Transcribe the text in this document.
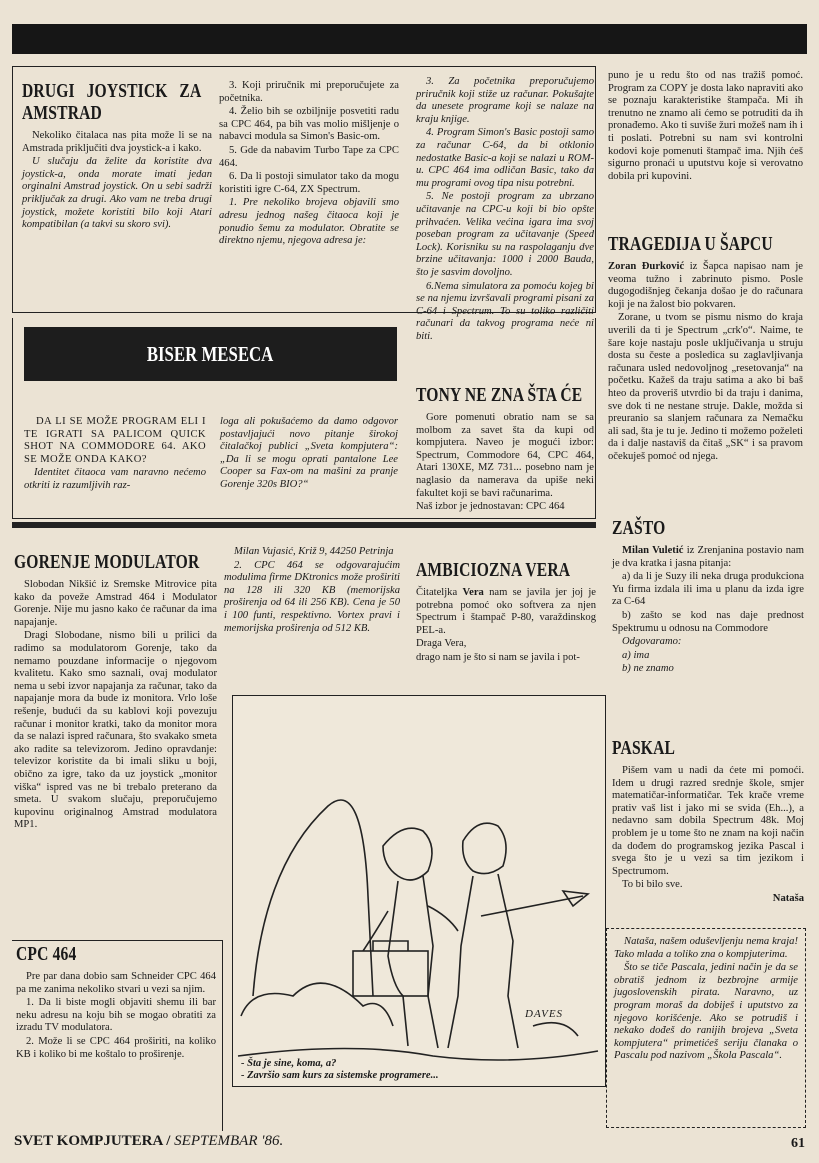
DRUGI JOYSTICK ZA AMSTRAD

Nekoliko čitalaca nas pita može li se na Amstrada priključiti dva joystick-a i kako.

U slučaju da želite da koristite dva joystick-a, onda morate imati jedan orginalni Amstrad joystick. On u sebi sadrži priključak za drugi. Ako vam ne treba drugi joystick, možete koristiti bilo koji Atari kompatibilan (a takvi su skoro svi).

3. Koji priručnik mi preporučujete za početnika.

4. Želio bih se ozbiljnije posvetiti radu sa CPC 464, pa bih vas molio mišljenje o nabavci modula sa Simon's Basic-om.

5. Gde da nabavim Turbo Tape za CPC 464.

6. Da li postoji simulator tako da mogu koristiti igre C-64, ZX Spectrum.

1. Pre nekoliko brojeva objavili smo adresu jednog našeg čitaoca koji je ponudio šemu za modulator. Obratite se direktno njemu, njegova adresa je:

3. Za početnika preporučujemo priručnik koji stiže uz računar. Pokušajte da unesete programe koji se nalaze na kraju knjige.

4. Program Simon's Basic postoji samo za računar C-64, da bi otklonio nedostatke Basic-a koji se nalazi u ROM-u. CPC 464 ima odličan Basic, tako da mu programi ovog tipa nisu potrebni.

5. Ne postoji program za ubrzano učitavanje na CPC-u koji bi bio opšte prihvaćen. Velika većina igara ima svoj poseban program za učitavanje (Speed Lock). Korisniku su na raspolaganju dve brzine učitavanja: 1000 i 2000 Bauda, što je sasvim dovoljno.

6.Nema simulatora za pomoću kojeg bi se na njemu izvršavali programi pisani za C-64 i Spectrum. To su toliko različiti računari da takvog programa neće ni biti.

puno je u redu što od nas tražiš pomoć. Program za COPY je dosta lako napraviti ako se poznaju karakteristike štampača. Mi ih trenutno ne znamo ali ćemo se potruditi da ih pronađemo. Ako ti suviše žuri možeš nam ih i ti poslati. Potrebni su nam svi kontrolni kodovi koje pomenuti štampač ima. Njih ćeš sigurno pronaći u uputstvu koje si verovatno dobila pri kupovini.

BISER MESECA

DA LI SE MOŽE PROGRAM ELI I TE IGRATI SA PALICOM QUICK SHOT NA COMMODORE 64. AKO SE MOŽE ONDA KAKO?

Identitet čitaoca vam naravno nećemo otkriti iz razumljivih raz-

loga ali pokušaćemo da damo odgovor postavljajući novo pitanje širokoj čitalačkoj publici „Sveta kompjutera“: „Da li se mogu oprati pantalone Lee Cooper sa Fax-om na mašini za pranje Gorenje 320s BIO?“

TONY NE ZNA ŠTA ĆE

Gore pomenuti obratio nam se sa molbom za savet šta da kupi od kompjutera. Naveo je mogući izbor: Spectrum, Commodore 64, CPC 464, Atari 130XE, MZ 731... posebno nam je naglasio da namerava da upiše neki fakultet koji se bavi računarima.

Naš izbor je jednostavan: CPC 464

TRAGEDIJA U ŠAPCU

Zoran Đurković iz Šapca napisao nam je veoma tužno i zabrinuto pismo. Posle dugogodišnjeg čekanja došao je do računara koji je na žalost bio pokvaren.

Zorane, u tvom se pismu nismo do kraja uverili da ti je Spectrum „crk'o“. Naime, te šare koje nastaju posle uključivanja u struju dosta su česte a posledica su zaglavljivanja računara usled nedovoljnog „resetovanja“ na početku. Kažeš da traju satima a ako bi baš hteo da proveriš utvrdio bi da traju i danima, sve dok ti ne nestane struje. Dakle, možda si preuranio sa slanjem računara za Nemačku ali sad, šta je tu je. Jedino ti možemo poželeti da i dalje nastaviš da čitaš „SK“ i sa pravom očekuješ pomoć od njega.

GORENJE MODULATOR

Slobodan Nikšić iz Sremske Mitrovice pita kako da poveže Amstrad 464 i Modulator Gorenje. Nije mu jasno kako će računar da ima napajanje.

Dragi Slobodane, nismo bili u prilici da radimo sa modulatorom Gorenje, tako da nemamo pouzdane informacije o njegovom kvalitetu. Kako smo saznali, ovaj modulator nema u sebi izvor napajanja za računar, tako da napajanje mora da bude iz monitora. Vrlo loše rešenje, budući da su kablovi koji povezuju računar i monitor kratki, tako da monitor mora da se nalazi ispred računara, što svakako smeta ako radite sa televizorom. Jedino opravdanje: televizor koristite da bi imali sliku u boji, obično za igre, tako da uz joystick „monitor viška“ ispred vas ne bi trebalo preterano da smeta. U svakom slučaju, preporučujemo kupovinu originalnog Amstrad modulatora MP1.

Milan Vujasić, Križ 9, 44250 Petrinja

2. CPC 464 se odgovarajućim modulima firme DKtronics može proširiti na 128 ili 320 KB (memorijska proširenja od 64 ili 256 KB). Cena je 50 i 100 funti, respektivno. Vortex pravi i memorijska proširenja od 512 KB.

AMBICIOZNA VERA

Čitateljka Vera nam se javila jer joj je potrebna pomoć oko softvera za njen Spectrum i štampač P-80, varaždinskog PEL-a.

Draga Vera,

drago nam je što si nam se javila i pot-

ZAŠTO

Milan Vuletić iz Zrenjanina postavio nam je dva kratka i jasna pitanja:

a) da li je Suzy ili neka druga produkciona Yu firma izdala ili ima u planu da izda igre za C-64

b) zašto se kod nas daje prednost Spektrumu u odnosu na Commodore

Odgovaramo:

a) ima

b) ne znamo

PASKAL

Pišem vam u nadi da ćete mi pomoći. Idem u drugi razred srednje škole, smjer matematičar-informatičar. Tek krače vreme prativ vaš list i jako mi se svida (Eh...), a nedavno sam dobila Spectrum 48k. Moj problem je u tome što ne znam na koji način da dođem do programskog jezika Pascal i svega što je u vezi sa tim jezikom i Spectrumom.

To bi bilo sve.

Nataša

Nataša, našem oduševljenju nema kraja! Tako mlada a toliko zna o kompjuterima.

Što se tiče Pascala, jedini način je da se obratiš jednom iz bezbrojne armije jugoslovenskih pirata. Naravno, uz program moraš da dobiješ i uputstvo za njegovo korišćenje. Ako se potrudiš i nekako dođeš do ranijih brojeva „Sveta kompjutera“ primetićeš seriju članaka o Pascalu pod nazivom „Škola Pascala“.

CPC 464

Pre par dana dobio sam Schneider CPC 464 pa me zanima nekoliko stvari u vezi sa njim.

1. Da li biste mogli objaviti shemu ili bar neku adresu na koju bih se mogao obratiti za izradu TV modulatora.

2. Može li se CPC 464 proširiti, na koliko KB i koliko bi me koštalo to proširenje.

DAVES
- Šta je sine, koma, a?
- Završio sam kurs za sistemske programere...
SVET KOMPJUTERA / SEPTEMBAR '86.	61
